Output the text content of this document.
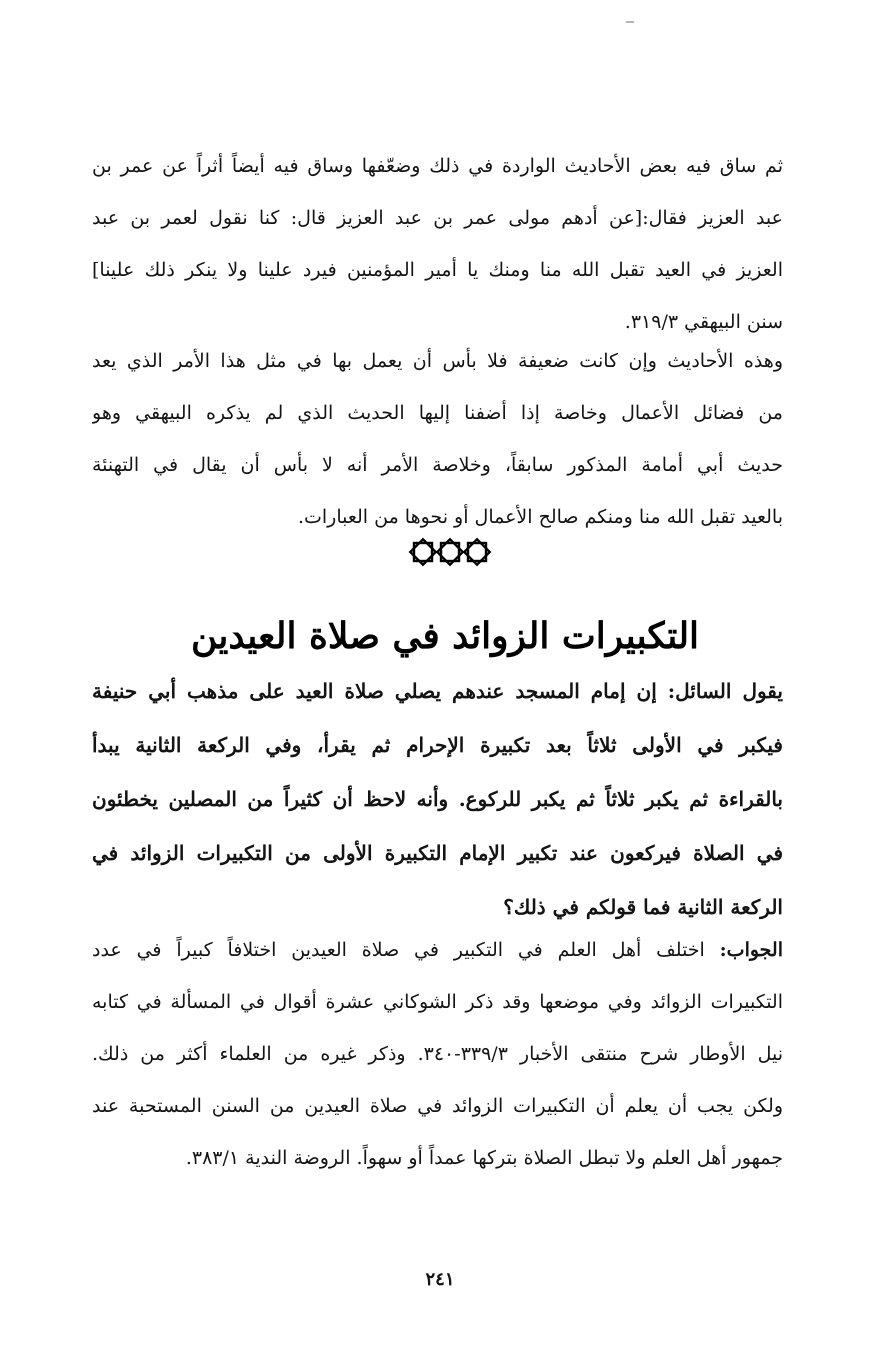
ثم ساق فيه بعض الأحاديث الواردة في ذلك وضعّفها وساق فيه أيضاً أثراً عن عمر بن
عبد العزيز فقال:[عن أدهم مولى عمر بن عبد العزيز قال: كنا نقول لعمر بن عبد
العزيز في العيد تقبل الله منا ومنك يا أمير المؤمنين فيرد علينا ولا ينكر ذلك علينا]
سنن البيهقي ٣١٩/٣.
وهذه الأحاديث وإن كانت ضعيفة فلا بأس أن يعمل بها في مثل هذا الأمر الذي يعد
من فضائل الأعمال وخاصة إذا أضفنا إليها الحديث الذي لم يذكره البيهقي وهو
حديث أبي أمامة المذكور سابقاً، وخلاصة الأمر أنه لا بأس أن يقال في التهنئة
بالعيد تقبل الله منا ومنكم صالح الأعمال أو نحوها من العبارات.
التكبيرات الزوائد في صلاة العيدين
يقول السائل: إن إمام المسجد عندهم يصلي صلاة العيد على مذهب أبي حنيفة
فيكبر في الأولى ثلاثاً بعد تكبيرة الإحرام ثم يقرأ، وفي الركعة الثانية يبدأ
بالقراءة ثم يكبر ثلاثاً ثم يكبر للركوع. وأنه لاحظ أن كثيراً من المصلين يخطئون
في الصلاة فيركعون عند تكبير الإمام التكبيرة الأولى من التكبيرات الزوائد في
الركعة الثانية فما قولكم في ذلك؟
الجواب: اختلف أهل العلم في التكبير في صلاة العيدين اختلافاً كبيراً في عدد
التكبيرات الزوائد وفي موضعها وقد ذكر الشوكاني عشرة أقوال في المسألة في كتابه
نيل الأوطار شرح منتقى الأخبار ٣٣٩/٣-٣٤٠. وذكر غيره من العلماء أكثر من ذلك.
ولكن يجب أن يعلم أن التكبيرات الزوائد في صلاة العيدين من السنن المستحبة عند
جمهور أهل العلم ولا تبطل الصلاة بتركها عمداً أو سهواً. الروضة الندية ٣٨٣/١.
٢٤١
